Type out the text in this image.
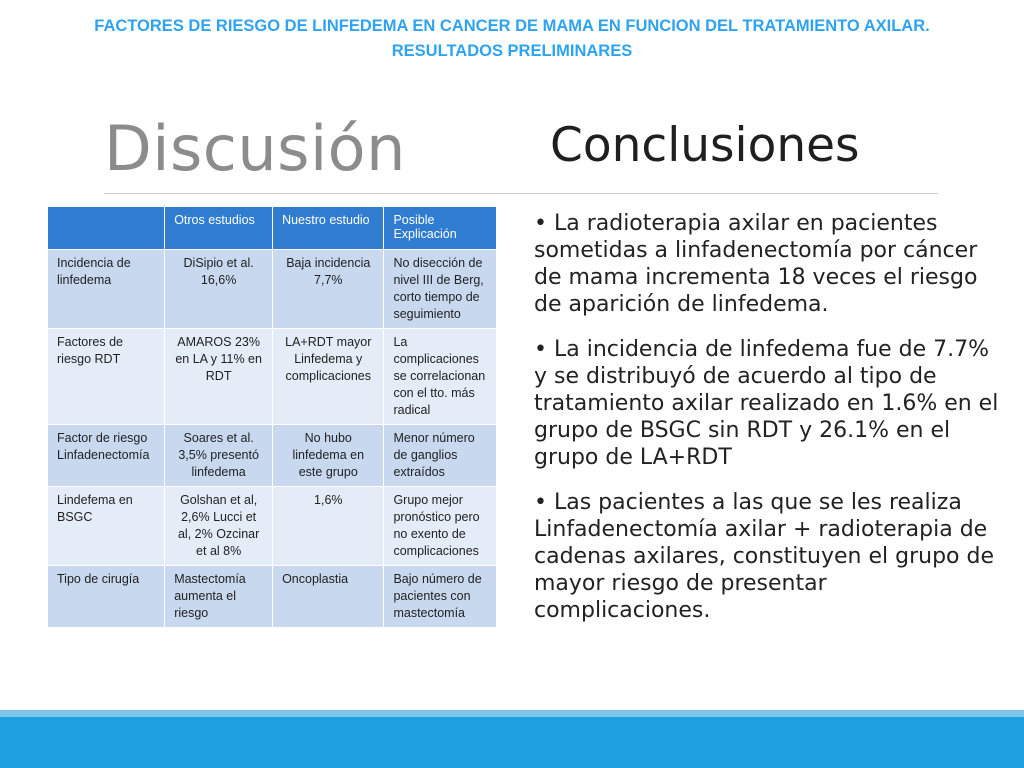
FACTORES DE RIESGO DE LINFEDEMA EN CANCER DE MAMA EN FUNCION DEL TRATAMIENTO AXILAR.
RESULTADOS PRELIMINARES
Discusión	Conclusiones
	Otros estudios	Nuestro estudio	Posible Explicación
Incidencia de linfedema	DiSipio et al. 16,6%	Baja incidencia 7,7%	No disección de nivel III de Berg, corto tiempo de seguimiento
Factores de riesgo RDT	AMAROS 23% en LA y 11% en RDT	LA+RDT mayor Linfedema y complicaciones	La complicaciones se correlacionan con el tto. más radical
Factor de riesgo Linfadenectomía	Soares et al. 3,5% presentó linfedema	No hubo linfedema en este grupo	Menor número de ganglios extraídos
Lindefema en BSGC	Golshan et al, 2,6% Lucci et al, 2% Ozcinar et al 8%	1,6%	Grupo mejor pronóstico pero no exento de complicaciones
Tipo de cirugía	Mastectomía aumenta el riesgo	Oncoplastia	Bajo número de pacientes con mastectomía

• La radioterapia axilar en pacientes sometidas a linfadenectomía por cáncer de mama incrementa 18 veces el riesgo de aparición de linfedema.

• La incidencia de linfedema fue de 7.7% y se distribuyó de acuerdo al tipo de tratamiento axilar realizado en 1.6% en el grupo de BSGC sin RDT y 26.1% en el grupo de LA+RDT

• Las pacientes a las que se les realiza Linfadenectomía axilar + radioterapia de cadenas axilares, constituyen el grupo de mayor riesgo de presentar complicaciones.
